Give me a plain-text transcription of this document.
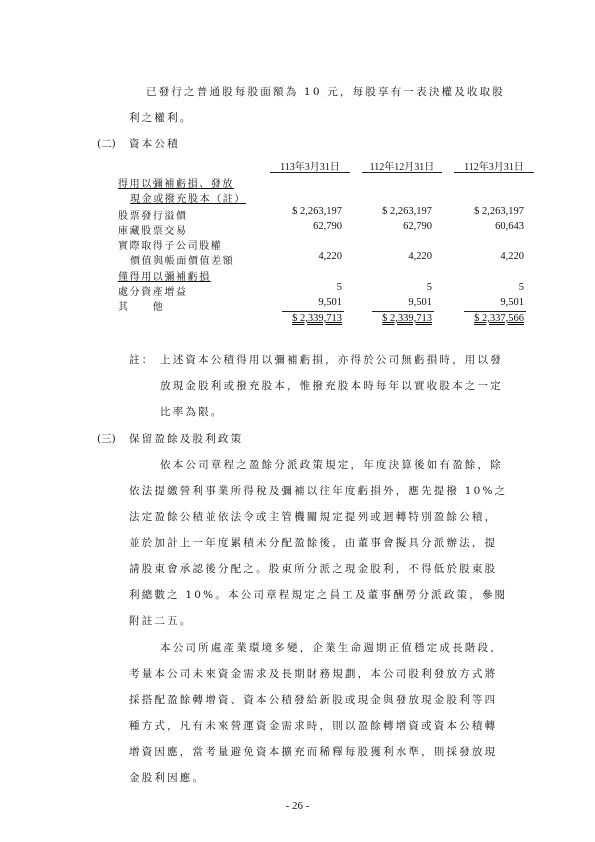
已發行之普通股每股面額為 10 元，每股享有一表決權及收取股
利之權利。
(二) 資本公積
113年3月31日	112年12月31日	112年3月31日
得用以彌補虧損、發放
現金或撥充股本（註）
股票發行溢價	$ 2,263,197	$ 2,263,197	$ 2,263,197
庫藏股票交易	62,790	62,790	60,643
實際取得子公司股權
價值與帳面價值差額	4,220	4,220	4,220
僅得用以彌補虧損
處分資產增益	5	5	5
其　　他	9,501	9,501	9,501
$ 2,339,713	$ 2,339,713	$ 2,337,566
註： 上述資本公積得用以彌補虧損，亦得於公司無虧損時，用以發
放現金股利或撥充股本，惟撥充股本時每年以實收股本之一定
比率為限。
(三) 保留盈餘及股利政策
依本公司章程之盈餘分派政策規定，年度決算後如有盈餘，除
依法提繳營利事業所得稅及彌補以往年度虧損外，應先提撥 10%之
法定盈餘公積並依法令或主管機關規定提列或迴轉特別盈餘公積，
並於加計上一年度累積未分配盈餘後，由董事會擬具分派辦法，提
請股東會承認後分配之。股東所分派之現金股利，不得低於股東股
利總數之 10%。本公司章程規定之員工及董事酬勞分派政策，參閱
附註二五。
本公司所處產業環境多變，企業生命週期正值穩定成長階段，
考量本公司未來資金需求及長期財務規劃，本公司股利發放方式將
採搭配盈餘轉增資、資本公積發給新股或現金與發放現金股利等四
種方式，凡有未來營運資金需求時，則以盈餘轉增資或資本公積轉
增資因應，當考量避免資本擴充而稀釋每股獲利水準，則採發放現
金股利因應。
- 26 -
